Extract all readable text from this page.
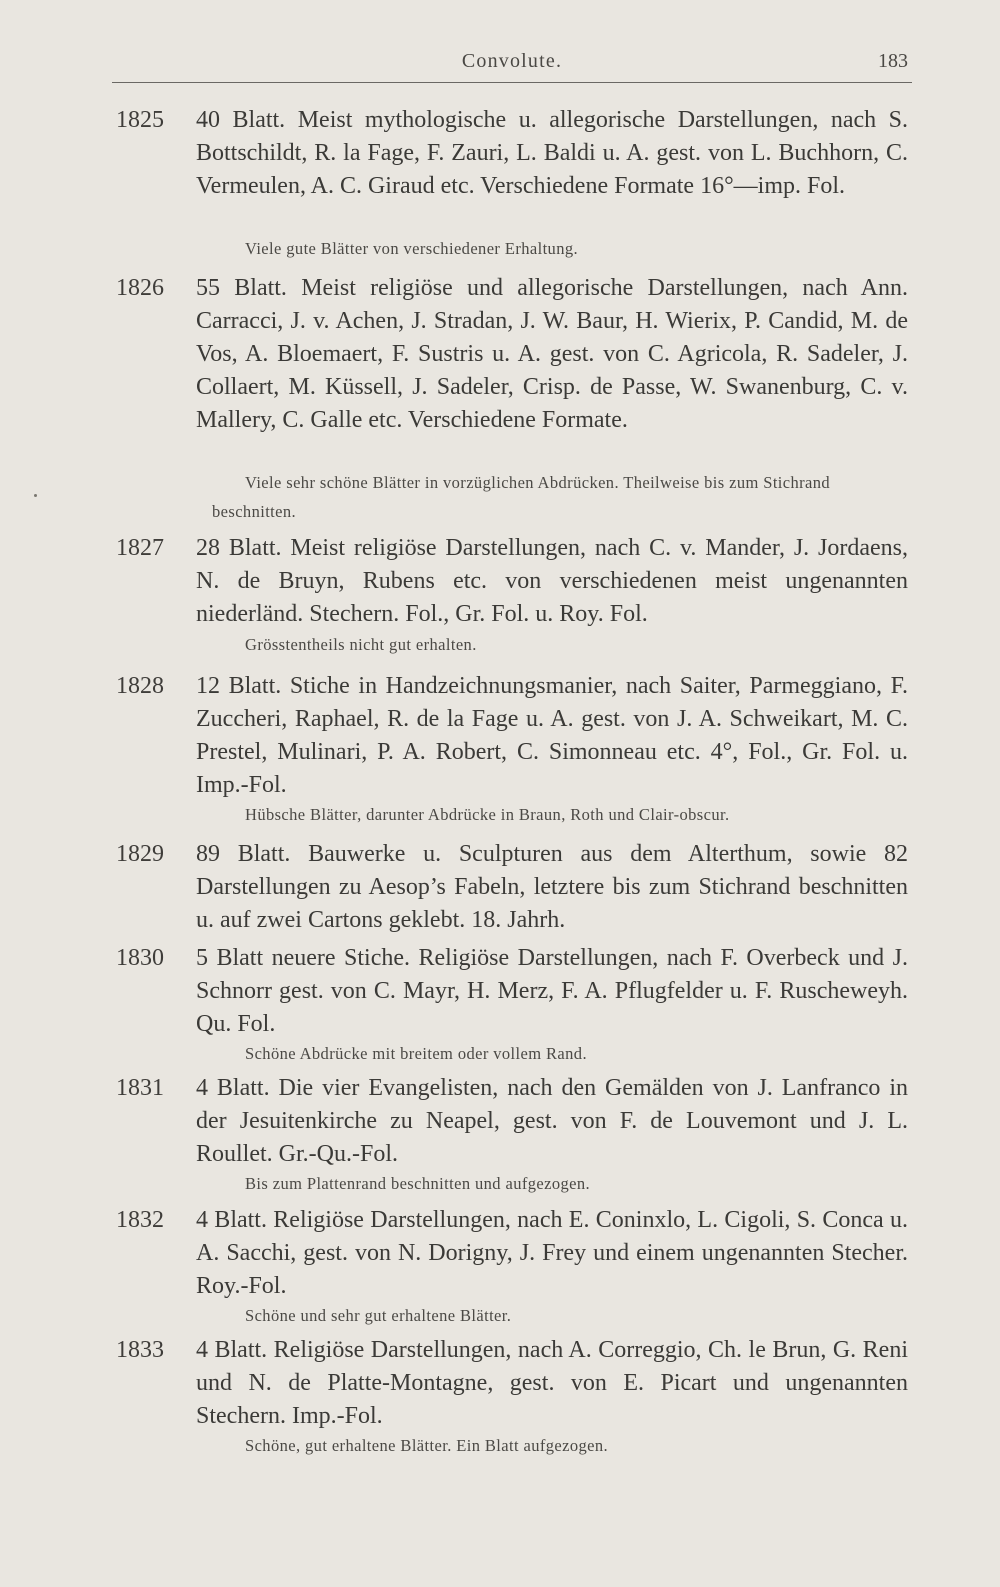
Convolute.	183
1825 40 Blatt. Meist mythologische u. allegorische Darstellungen, nach S. Bottschildt, R. la Fage, F. Zauri, L. Baldi u. A. gest. von L. Buchhorn, C. Vermeulen, A. C. Giraud etc. Verschiedene Formate 16°—imp. Fol.
Viele gute Blätter von verschiedener Erhaltung.
1826 55 Blatt. Meist religiöse und allegorische Darstellungen, nach Ann. Carracci, J. v. Achen, J. Stradan, J. W. Baur, H. Wierix, P. Candid, M. de Vos, A. Bloemaert, F. Sustris u. A. gest. von C. Agricola, R. Sadeler, J. Collaert, M. Küssell, J. Sadeler, Crisp. de Passe, W. Swanenburg, C. v. Mallery, C. Galle etc. Verschiedene Formate.
Viele sehr schöne Blätter in vorzüglichen Abdrücken. Theilweise bis zum Stichrand beschnitten.
1827 28 Blatt. Meist religiöse Darstellungen, nach C. v. Mander, J. Jordaens, N. de Bruyn, Rubens etc. von verschiedenen meist ungenannten niederländ. Stechern. Fol., Gr. Fol. u. Roy. Fol.
Grösstentheils nicht gut erhalten.
1828 12 Blatt. Stiche in Handzeichnungsmanier, nach Saiter, Parmeggiano, F. Zuccheri, Raphael, R. de la Fage u. A. gest. von J. A. Schweikart, M. C. Prestel, Mulinari, P. A. Robert, C. Simonneau etc. 4°, Fol., Gr. Fol. u. Imp.-Fol.
Hübsche Blätter, darunter Abdrücke in Braun, Roth und Clair-obscur.
1829 89 Blatt. Bauwerke u. Sculpturen aus dem Alterthum, sowie 82 Darstellungen zu Aesop’s Fabeln, letztere bis zum Stichrand beschnitten u. auf zwei Cartons geklebt. 18. Jahrh.
1830 5 Blatt neuere Stiche. Religiöse Darstellungen, nach F. Overbeck und J. Schnorr gest. von C. Mayr, H. Merz, F. A. Pflugfelder u. F. Ruscheweyh. Qu. Fol.
Schöne Abdrücke mit breitem oder vollem Rand.
1831 4 Blatt. Die vier Evangelisten, nach den Gemälden von J. Lanfranco in der Jesuitenkirche zu Neapel, gest. von F. de Louvemont und J. L. Roullet. Gr.-Qu.-Fol.
Bis zum Plattenrand beschnitten und aufgezogen.
1832 4 Blatt. Religiöse Darstellungen, nach E. Coninxlo, L. Cigoli, S. Conca u. A. Sacchi, gest. von N. Dorigny, J. Frey und einem ungenannten Stecher. Roy.-Fol.
Schöne und sehr gut erhaltene Blätter.
1833 4 Blatt. Religiöse Darstellungen, nach A. Correggio, Ch. le Brun, G. Reni und N. de Platte-Montagne, gest. von E. Picart und ungenannten Stechern. Imp.-Fol.
Schöne, gut erhaltene Blätter. Ein Blatt aufgezogen.
